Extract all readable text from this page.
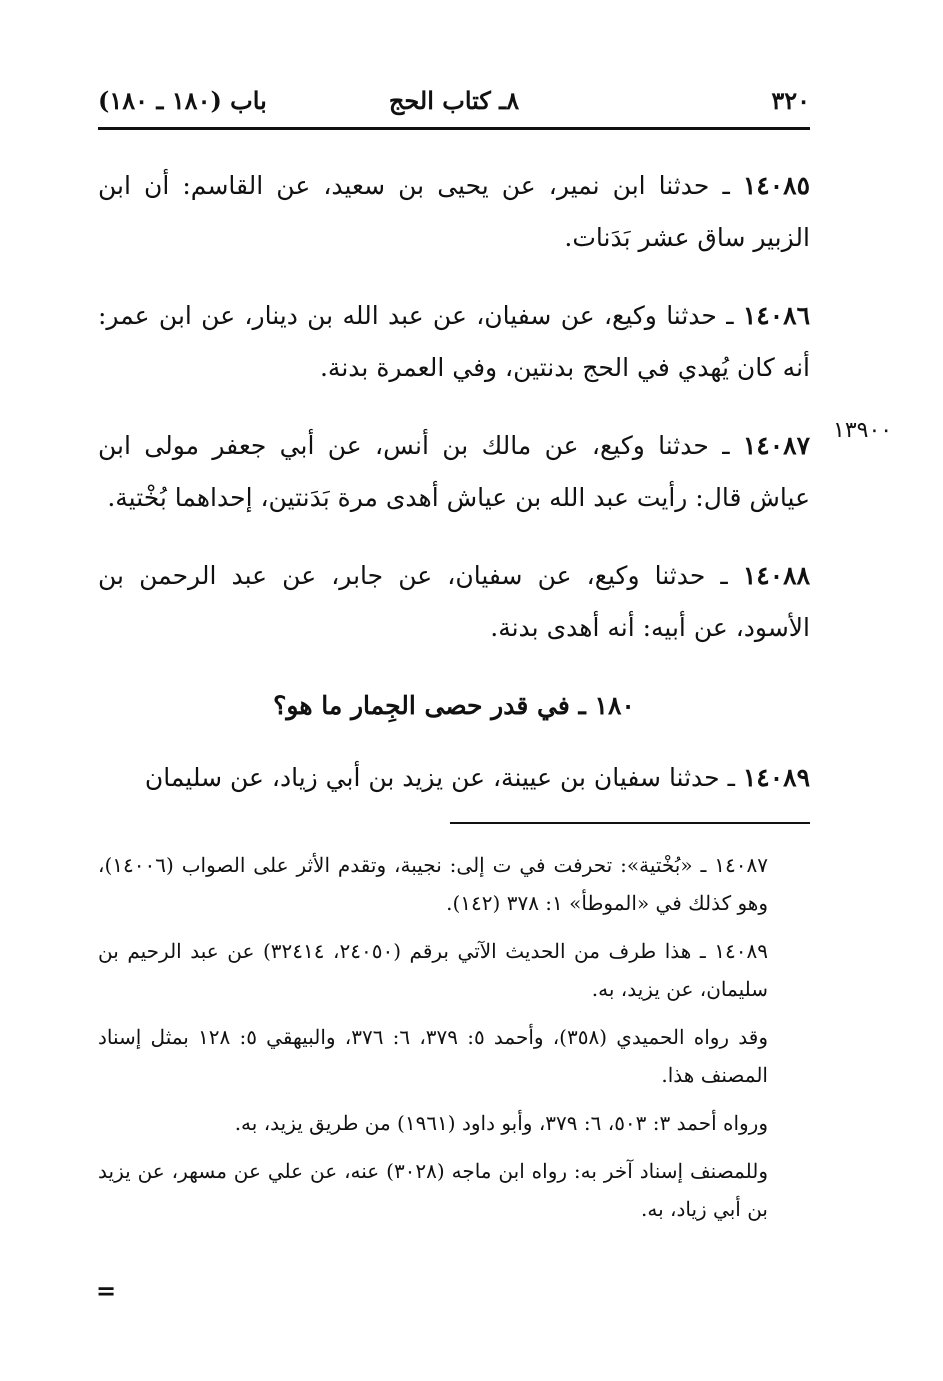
٣٢٠
٨ـ كتاب الحج
باب (١٨٠ ـ ١٨٠)
١٣٩٠٠

١٤٠٨٥ ـ حدثنا ابن نمير، عن يحيى بن سعيد، عن القاسم: أن ابن الزبير ساق عشر بَدَنات.

١٤٠٨٦ ـ حدثنا وكيع، عن سفيان، عن عبد الله بن دينار، عن ابن عمر: أنه كان يُهدي في الحج بدنتين، وفي العمرة بدنة.

١٤٠٨٧ ـ حدثنا وكيع، عن مالك بن أنس، عن أبي جعفر مولى ابن عياش قال: رأيت عبد الله بن عياش أهدى مرة بَدَنتين، إحداهما بُخْتية.

١٤٠٨٨ ـ حدثنا وكيع، عن سفيان، عن جابر، عن عبد الرحمن بن الأسود، عن أبيه: أنه أهدى بدنة.

١٨٠ ـ في قدر حصى الجِمار ما هو؟

١٤٠٨٩ ـ حدثنا سفيان بن عيينة، عن يزيد بن أبي زياد، عن سليمان

١٤٠٨٧ ـ «بُخْتية»: تحرفت في ت إلى: نجيبة، وتقدم الأثر على الصواب (١٤٠٠٦)، وهو كذلك في «الموطأ» ١: ٣٧٨ (١٤٢).

١٤٠٨٩ ـ هذا طرف من الحديث الآتي برقم (٢٤٠٥٠، ٣٢٤١٤) عن عبد الرحيم بن سليمان، عن يزيد، به.

وقد رواه الحميدي (٣٥٨)، وأحمد ٥: ٣٧٩، ٦: ٣٧٦، والبيهقي ٥: ١٢٨ بمثل إسناد المصنف هذا.

ورواه أحمد ٣: ٥٠٣، ٦: ٣٧٩، وأبو داود (١٩٦١) من طريق يزيد، به.

وللمصنف إسناد آخر به: رواه ابن ماجه (٣٠٢٨) عنه، عن علي عن مسهر، عن يزيد بن أبي زياد، به.

=
